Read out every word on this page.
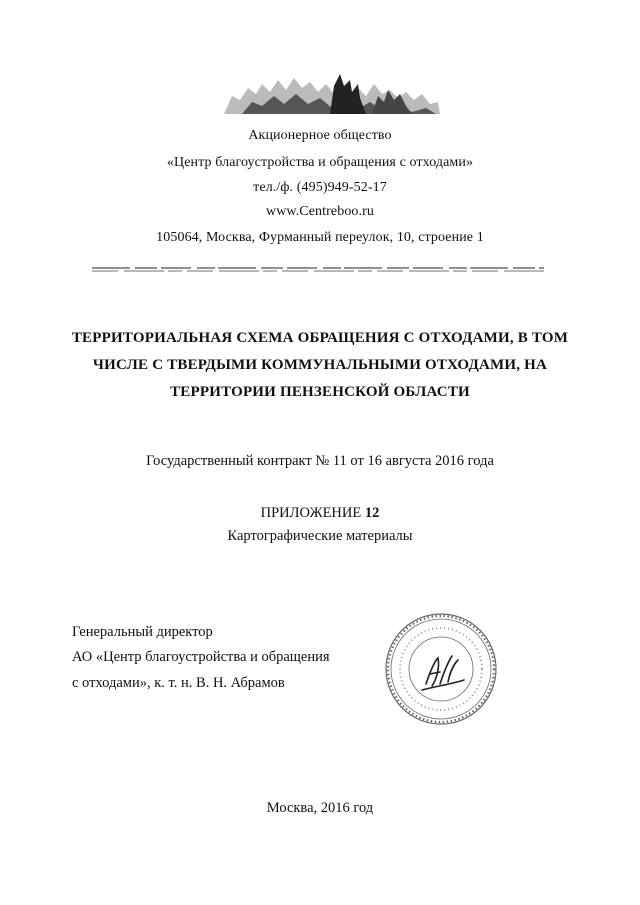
Акционерное общество
«Центр благоустройства и обращения с отходами»
тел./ф. (495)949-52-17
www.Centreboo.ru
105064, Москва, Фурманный переулок, 10, строение 1
ТЕРРИТОРИАЛЬНАЯ СХЕМА ОБРАЩЕНИЯ С ОТХОДАМИ, В ТОМ
ЧИСЛЕ С ТВЕРДЫМИ КОММУНАЛЬНЫМИ ОТХОДАМИ, НА
ТЕРРИТОРИИ ПЕНЗЕНСКОЙ ОБЛАСТИ
Государственный контракт № 11 от 16 августа 2016 года
ПРИЛОЖЕНИЕ 12
Картографические материалы
Генеральный директор
АО «Центр благоустройства и обращения
с отходами», к. т. н. В. Н. Абрамов
Москва, 2016 год
